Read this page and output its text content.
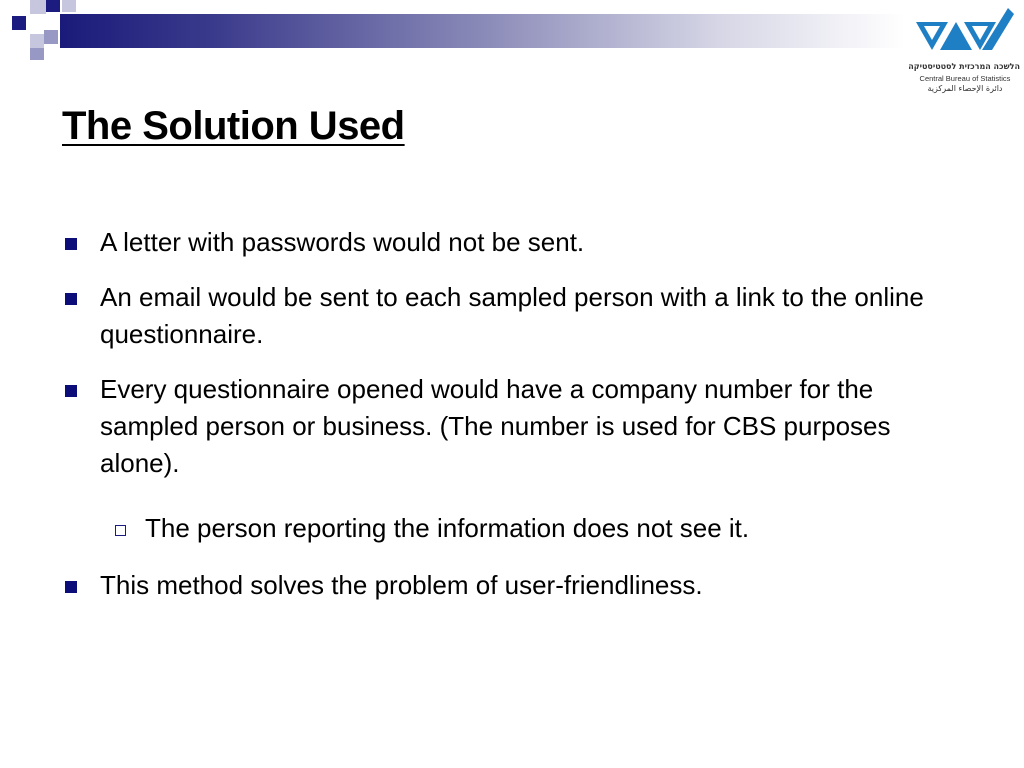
הלשכה המרכזית לסטטיסטיקה
Central Bureau of Statistics
دائرة الإحصاء المركزية
The Solution Used
A letter with passwords would not be sent.
An email would be sent to each sampled person with a link to the online questionnaire.
Every questionnaire opened would have a company number for the sampled person or business. (The number is used for CBS purposes alone).
The person reporting the information does not see it.
This method solves the problem of user-friendliness.
